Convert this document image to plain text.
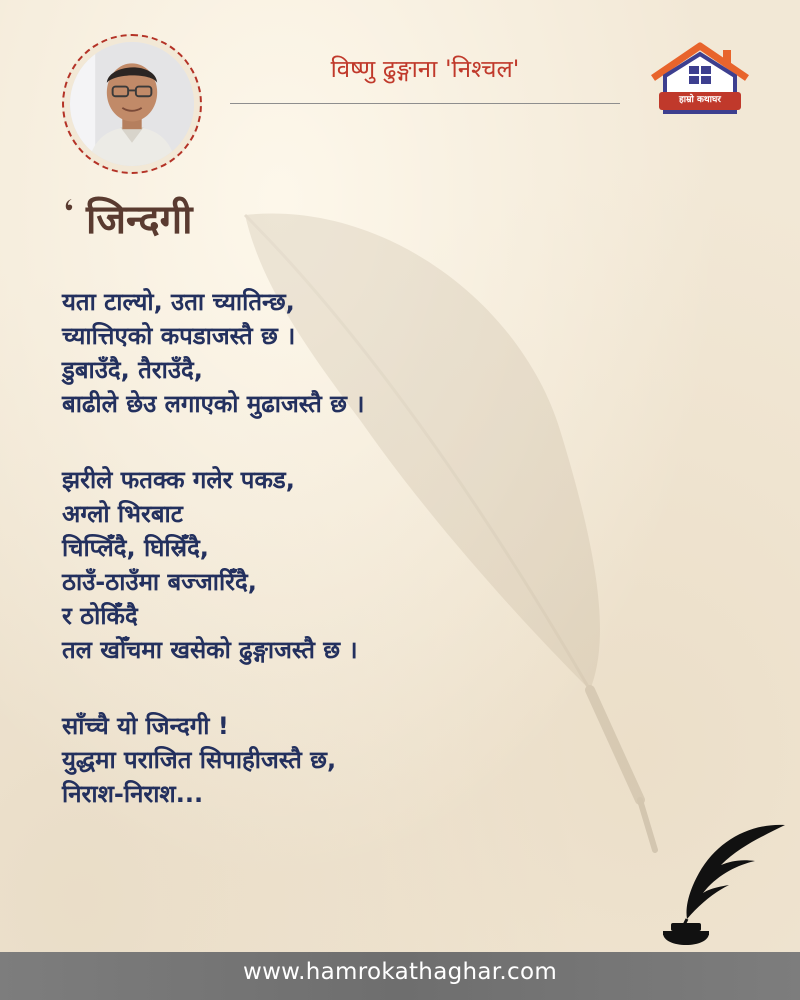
विष्णु ढुङ्गाना 'निश्चल'
हाम्रो कथाघर
जिन्दगी
यता टाल्यो, उता च्यातिन्छ,
च्यात्तिएको कपडाजस्तै छ ।
डुबाउँदै, तैराउँदै,
बाढीले छेउ लगाएको मुढाजस्तै छ ।
झरीले फतक्क गलेर पकड,
अग्लो भिरबाट
चिप्लिँदै, घिस्रिँदै,
ठाउँ-ठाउँमा बज्जारिँदै,
र ठोकिँदै
तल खोँचमा खसेको ढुङ्गाजस्तै छ ।
साँच्चै यो जिन्दगी !
युद्धमा पराजित सिपाहीजस्तै छ,
निराश-निराश...
www.hamrokathaghar.com
